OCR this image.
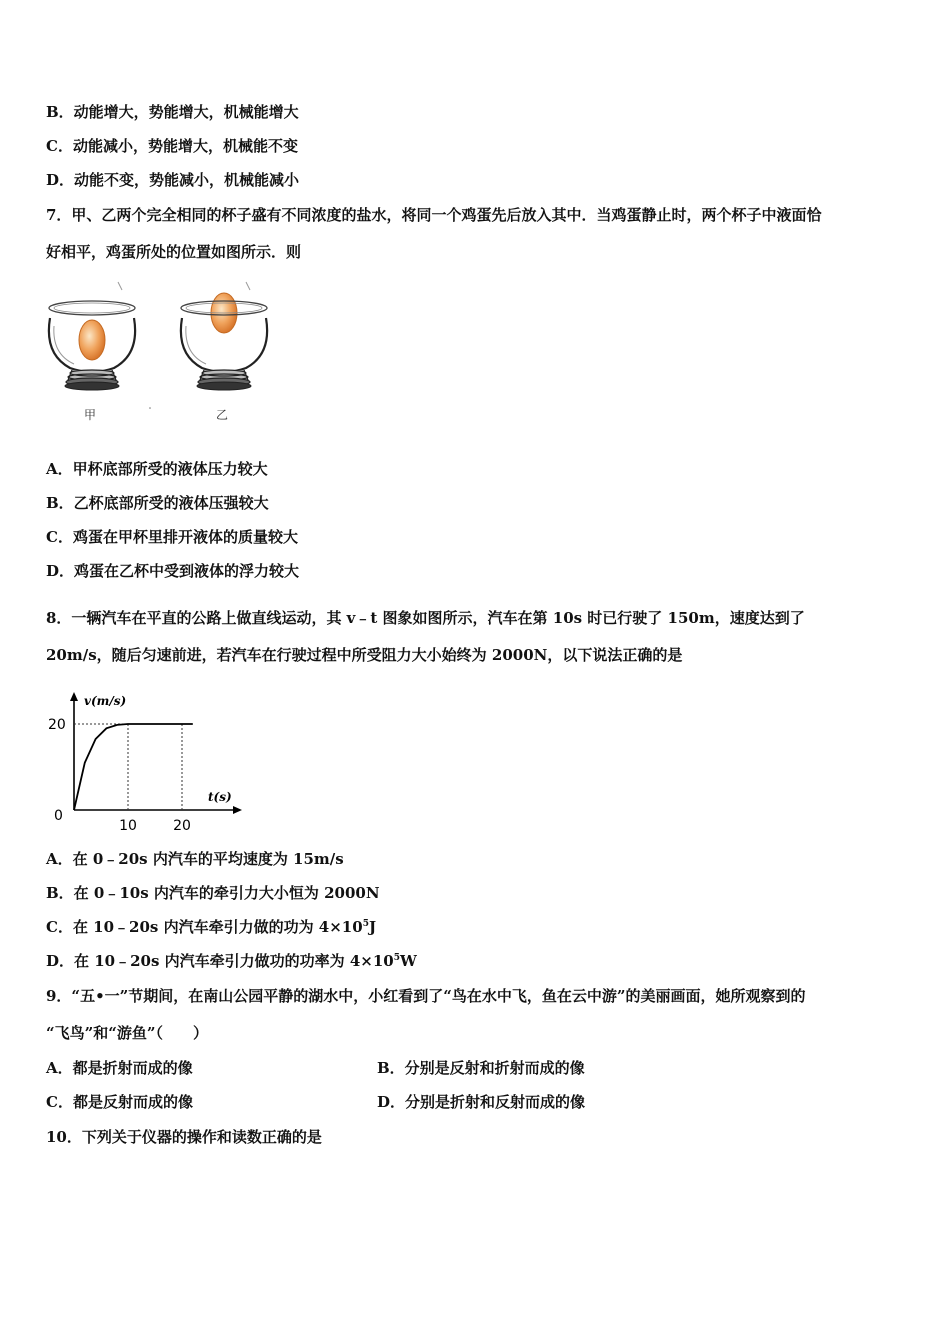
B．动能增大，势能增大，机械能增大
C．动能减小，势能增大，机械能不变
D．动能不变，势能减小，机械能减小
7．甲、乙两个完全相同的杯子盛有不同浓度的盐水，将同一个鸡蛋先后放入其中．当鸡蛋静止时，两个杯子中液面恰
好相平，鸡蛋所处的位置如图所示．则
甲	乙
A．甲杯底部所受的液体压力较大
B．乙杯底部所受的液体压强较大
C．鸡蛋在甲杯里排开液体的质量较大
D．鸡蛋在乙杯中受到液体的浮力较大
8．一辆汽车在平直的公路上做直线运动，其 v﹣t 图象如图所示，汽车在第 10s 时已行驶了 150m，速度达到了
20m/s，随后匀速前进，若汽车在行驶过程中所受阻力大小始终为 2000N，以下说法正确的是
v(m/s)
t(s)
20
0
10	20
A．在 0﹣20s 内汽车的平均速度为 15m/s
B．在 0﹣10s 内汽车的牵引力大小恒为 2000N
C．在 10﹣20s 内汽车牵引力做的功为 $4\times 10^5J$
D．在 10﹣20s 内汽车牵引力做功的功率为 $4\times 10^5W$
9．“五•一”节期间，在南山公园平静的湖水中，小红看到了“鸟在水中飞，鱼在云中游”的美丽画面，她所观察到的
“飞鸟”和“游鱼”（　　）
A．都是折射而成的像	B．分别是反射和折射而成的像
C．都是反射而成的像	D．分别是折射和反射而成的像
10．下列关于仪器的操作和读数正确的是
